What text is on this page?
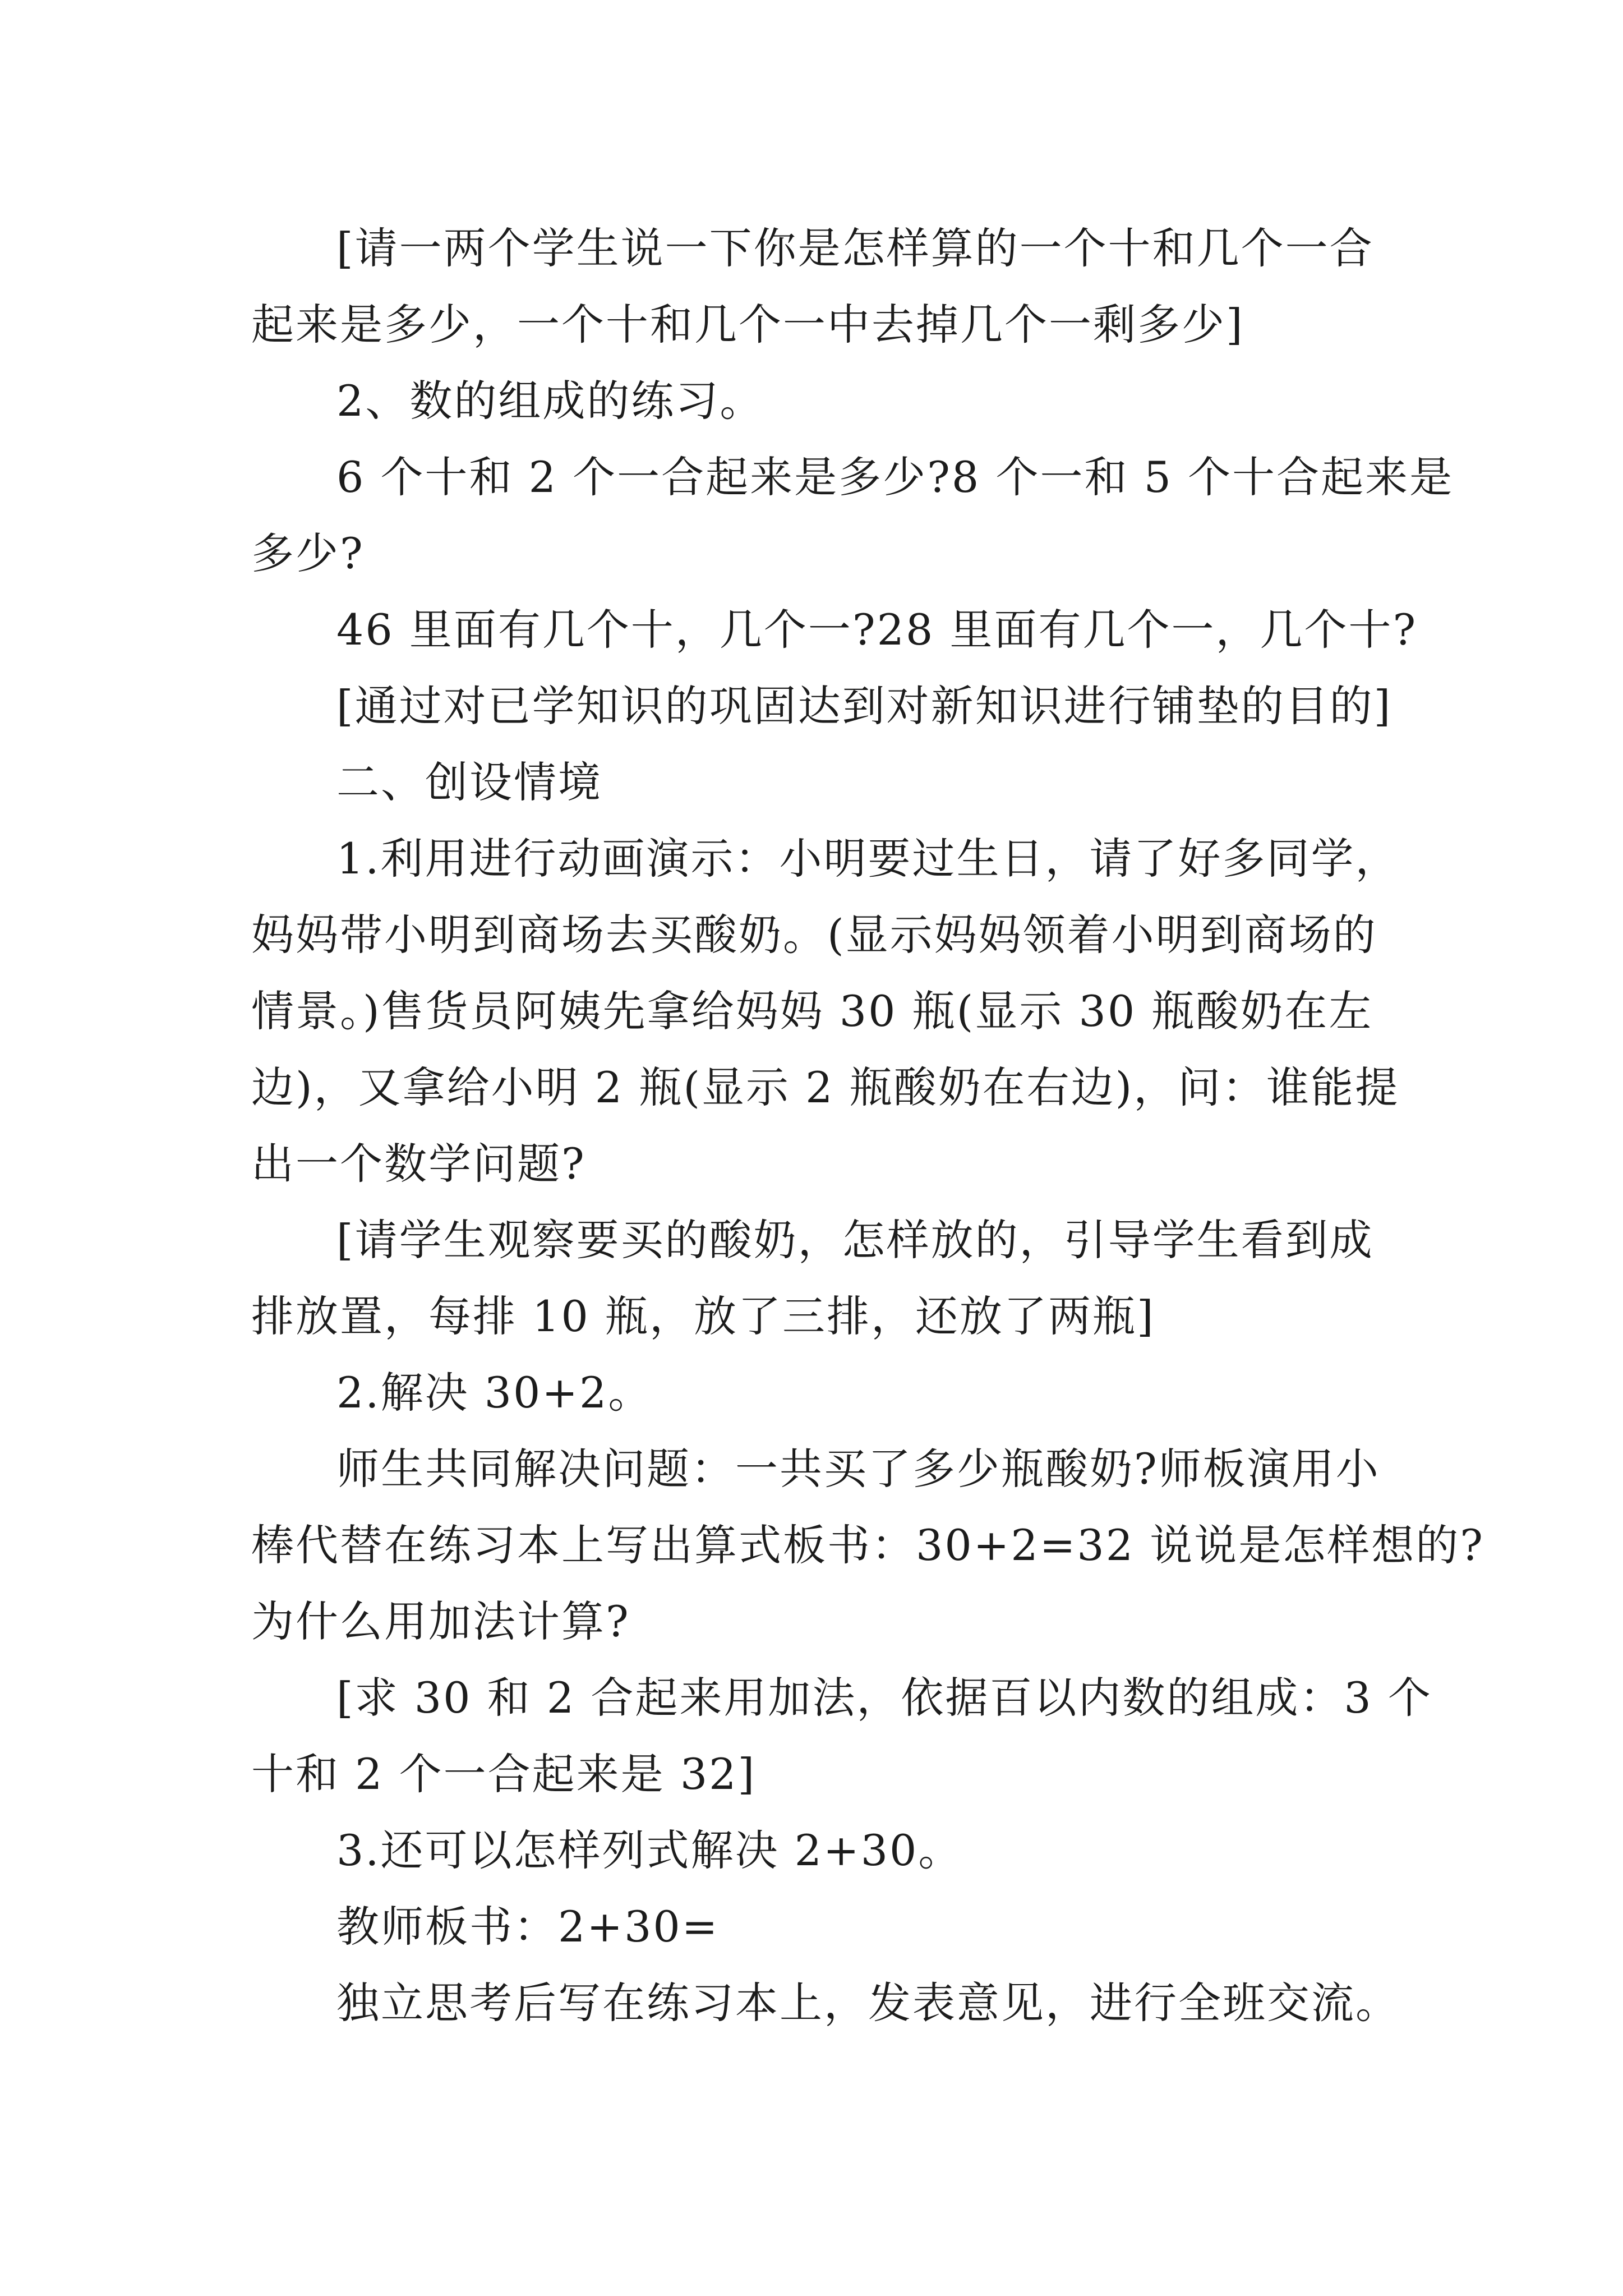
[请一两个学生说一下你是怎样算的一个十和几个一合
起来是多少，一个十和几个一中去掉几个一剩多少]
2、数的组成的练习。
6 个十和 2 个一合起来是多少?8 个一和 5 个十合起来是
多少?
46 里面有几个十，几个一?28 里面有几个一，几个十?
[通过对已学知识的巩固达到对新知识进行铺垫的目的]
二、创设情境
1.利用进行动画演示：小明要过生日，请了好多同学，
妈妈带小明到商场去买酸奶。(显示妈妈领着小明到商场的
情景。)售货员阿姨先拿给妈妈 30 瓶(显示 30 瓶酸奶在左
边)，又拿给小明 2 瓶(显示 2 瓶酸奶在右边)，问：谁能提
出一个数学问题?
[请学生观察要买的酸奶，怎样放的，引导学生看到成
排放置，每排 10 瓶，放了三排，还放了两瓶]
2.解决 30+2。
师生共同解决问题：一共买了多少瓶酸奶?师板演用小
棒代替在练习本上写出算式板书：30+2=32 说说是怎样想的?
为什么用加法计算?
[求 30 和 2 合起来用加法，依据百以内数的组成：3 个
十和 2 个一合起来是 32]
3.还可以怎样列式解决 2+30。
教师板书：2+30=
独立思考后写在练习本上，发表意见，进行全班交流。
